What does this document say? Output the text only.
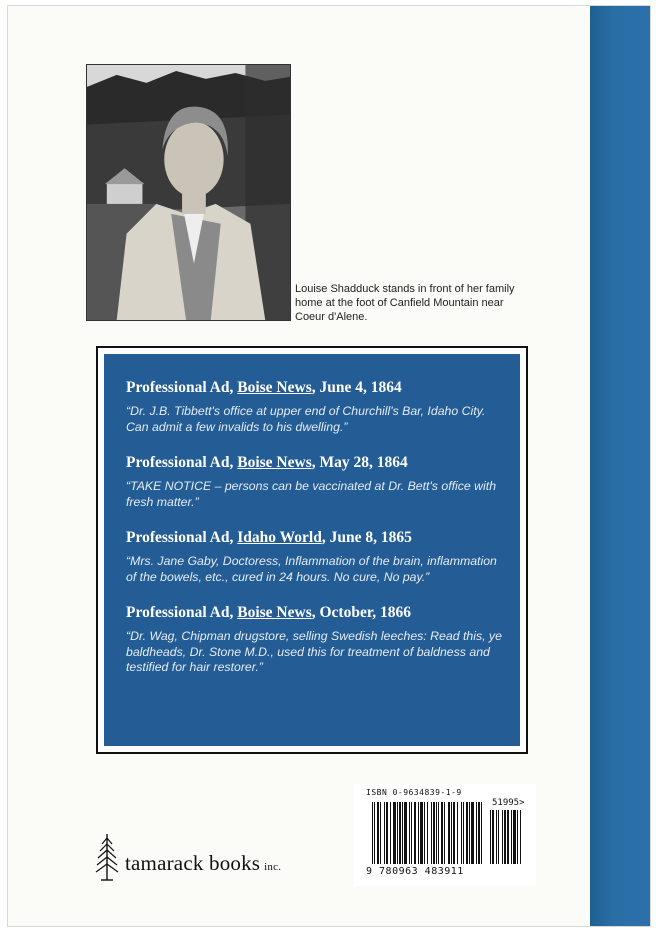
Louise Shadduck stands in front of her family home at the foot of Canfield Mountain near Coeur d'Alene.
Professional Ad, Boise News, June 4, 1864
“Dr. J.B. Tibbett's office at upper end of Churchill's Bar, Idaho City. Can admit a few invalids to his dwelling.”
Professional Ad, Boise News, May 28, 1864
“TAKE NOTICE – persons can be vaccinated at Dr. Bett's office with fresh matter.”
Professional Ad, Idaho World, June 8, 1865
“Mrs. Jane Gaby, Doctoress, Inflammation of the brain, inflammation of the bowels, etc., cured in 24 hours. No cure, No pay.”
Professional Ad, Boise News, October, 1866
“Dr. Wag, Chipman drugstore, selling Swedish leeches: Read this, ye baldheads, Dr. Stone M.D., used this for treatment of baldness and testified for hair restorer.”
tamarack books inc.
ISBN 0-9634839-1-9
51995>
9 780963 483911
